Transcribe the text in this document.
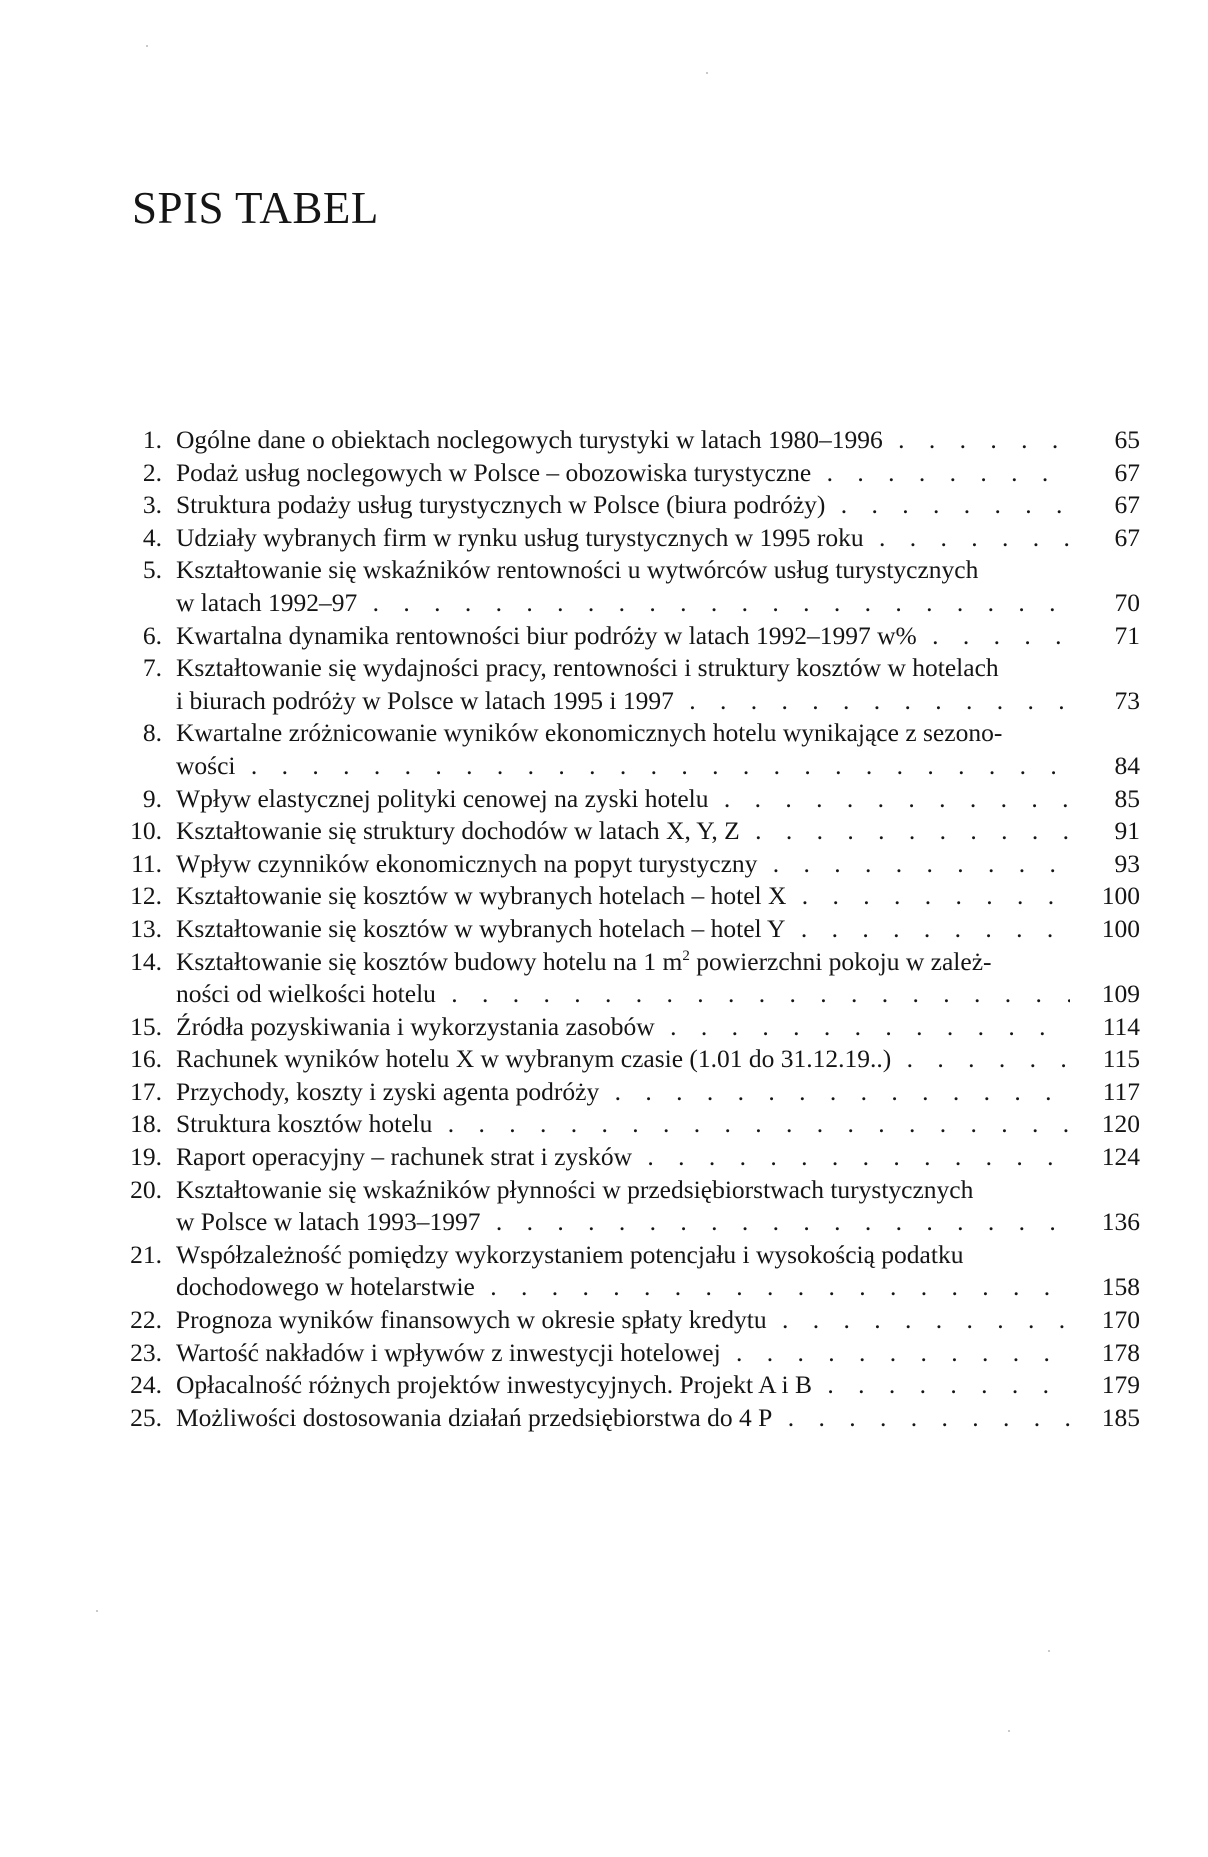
SPIS TABEL
1. Ogólne dane o obiektach noclegowych turystyki w latach 1980–1996 . . .	65
2. Podaż usług noclegowych w Polsce – obozowiska turystyczne . . .	67
3. Struktura podaży usług turystycznych w Polsce (biura podróży) . . .	67
4. Udziały wybranych firm w rynku usług turystycznych w 1995 roku . . .	67
5. Kształtowanie się wskaźników rentowności u wytwórców usług turystycznych
w latach 1992–97 . . .	70
6. Kwartalna dynamika rentowności biur podróży w latach 1992–1997 w% . . .	71
7. Kształtowanie się wydajności pracy, rentowności i struktury kosztów w hotelach
i biurach podróży w Polsce w latach 1995 i 1997 . . .	73
8. Kwartalne zróżnicowanie wyników ekonomicznych hotelu wynikające z sezono-
wości . . .	84
9. Wpływ elastycznej polityki cenowej na zyski hotelu . . .	85
10. Kształtowanie się struktury dochodów w latach X, Y, Z . . .	91
11. Wpływ czynników ekonomicznych na popyt turystyczny . . .	93
12. Kształtowanie się kosztów w wybranych hotelach – hotel X . . .	100
13. Kształtowanie się kosztów w wybranych hotelach – hotel Y . . .	100
14. Kształtowanie się kosztów budowy hotelu na 1 $m^2$ powierzchni pokoju w zależ-
ności od wielkości hotelu . . .	109
15. Źródła pozyskiwania i wykorzystania zasobów . . .	114
16. Rachunek wyników hotelu X w wybranym czasie (1.01 do 31.12.19..) . . .	115
17. Przychody, koszty i zyski agenta podróży . . .	117
18. Struktura kosztów hotelu . . .	120
19. Raport operacyjny – rachunek strat i zysków . . .	124
20. Kształtowanie się wskaźników płynności w przedsiębiorstwach turystycznych
w Polsce w latach 1993–1997 . . .	136
21. Współzależność pomiędzy wykorzystaniem potencjału i wysokością podatku
dochodowego w hotelarstwie . . .	158
22. Prognoza wyników finansowych w okresie spłaty kredytu . . .	170
23. Wartość nakładów i wpływów z inwestycji hotelowej . . .	178
24. Opłacalność różnych projektów inwestycyjnych. Projekt A i B . . .	179
25. Możliwości dostosowania działań przedsiębiorstwa do 4 P . . .	185
